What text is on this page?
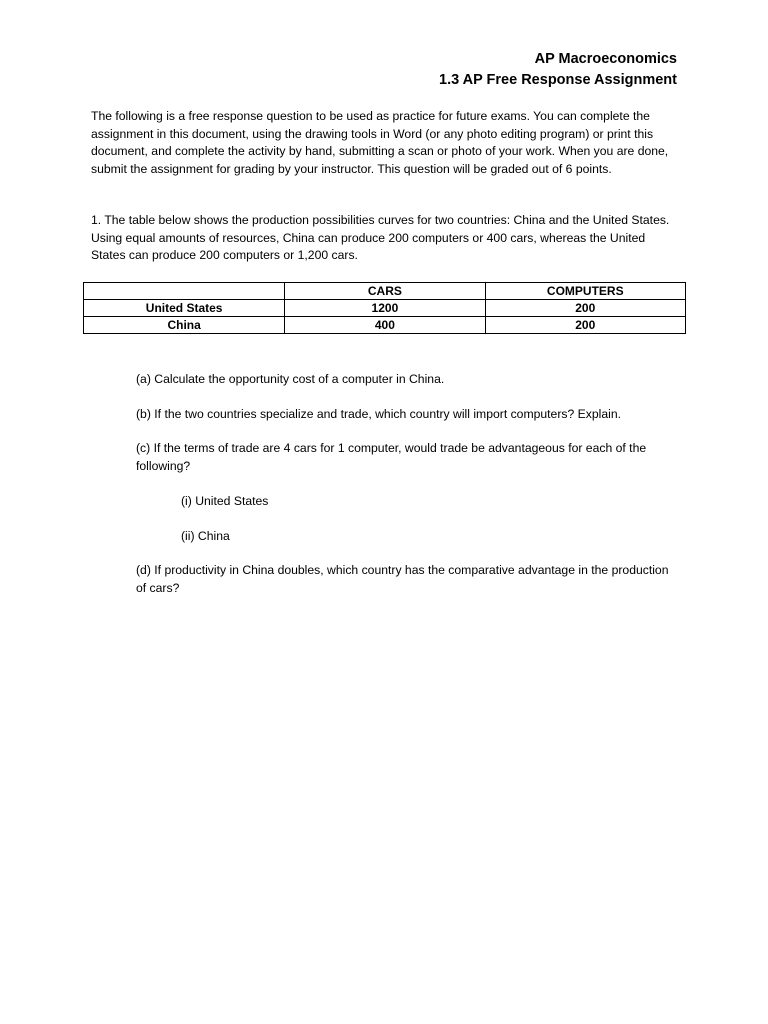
AP Macroeconomics
1.3 AP Free Response Assignment

The following is a free response question to be used as practice for future exams. You can complete the assignment in this document, using the drawing tools in Word (or any photo editing program) or print this document, and complete the activity by hand, submitting a scan or photo of your work. When you are done, submit the assignment for grading by your instructor. This question will be graded out of 6 points.

1. The table below shows the production possibilities curves for two countries: China and the United States. Using equal amounts of resources, China can produce 200 computers or 400 cars, whereas the United States can produce 200 computers or 1,200 cars.

	CARS	COMPUTERS
United States	1200	200
China	400	200

(a) Calculate the opportunity cost of a computer in China.

(b) If the two countries specialize and trade, which country will import computers? Explain.

(c) If the terms of trade are 4 cars for 1 computer, would trade be advantageous for each of the following?

(i) United States

(ii) China

(d) If productivity in China doubles, which country has the comparative advantage in the production of cars?
